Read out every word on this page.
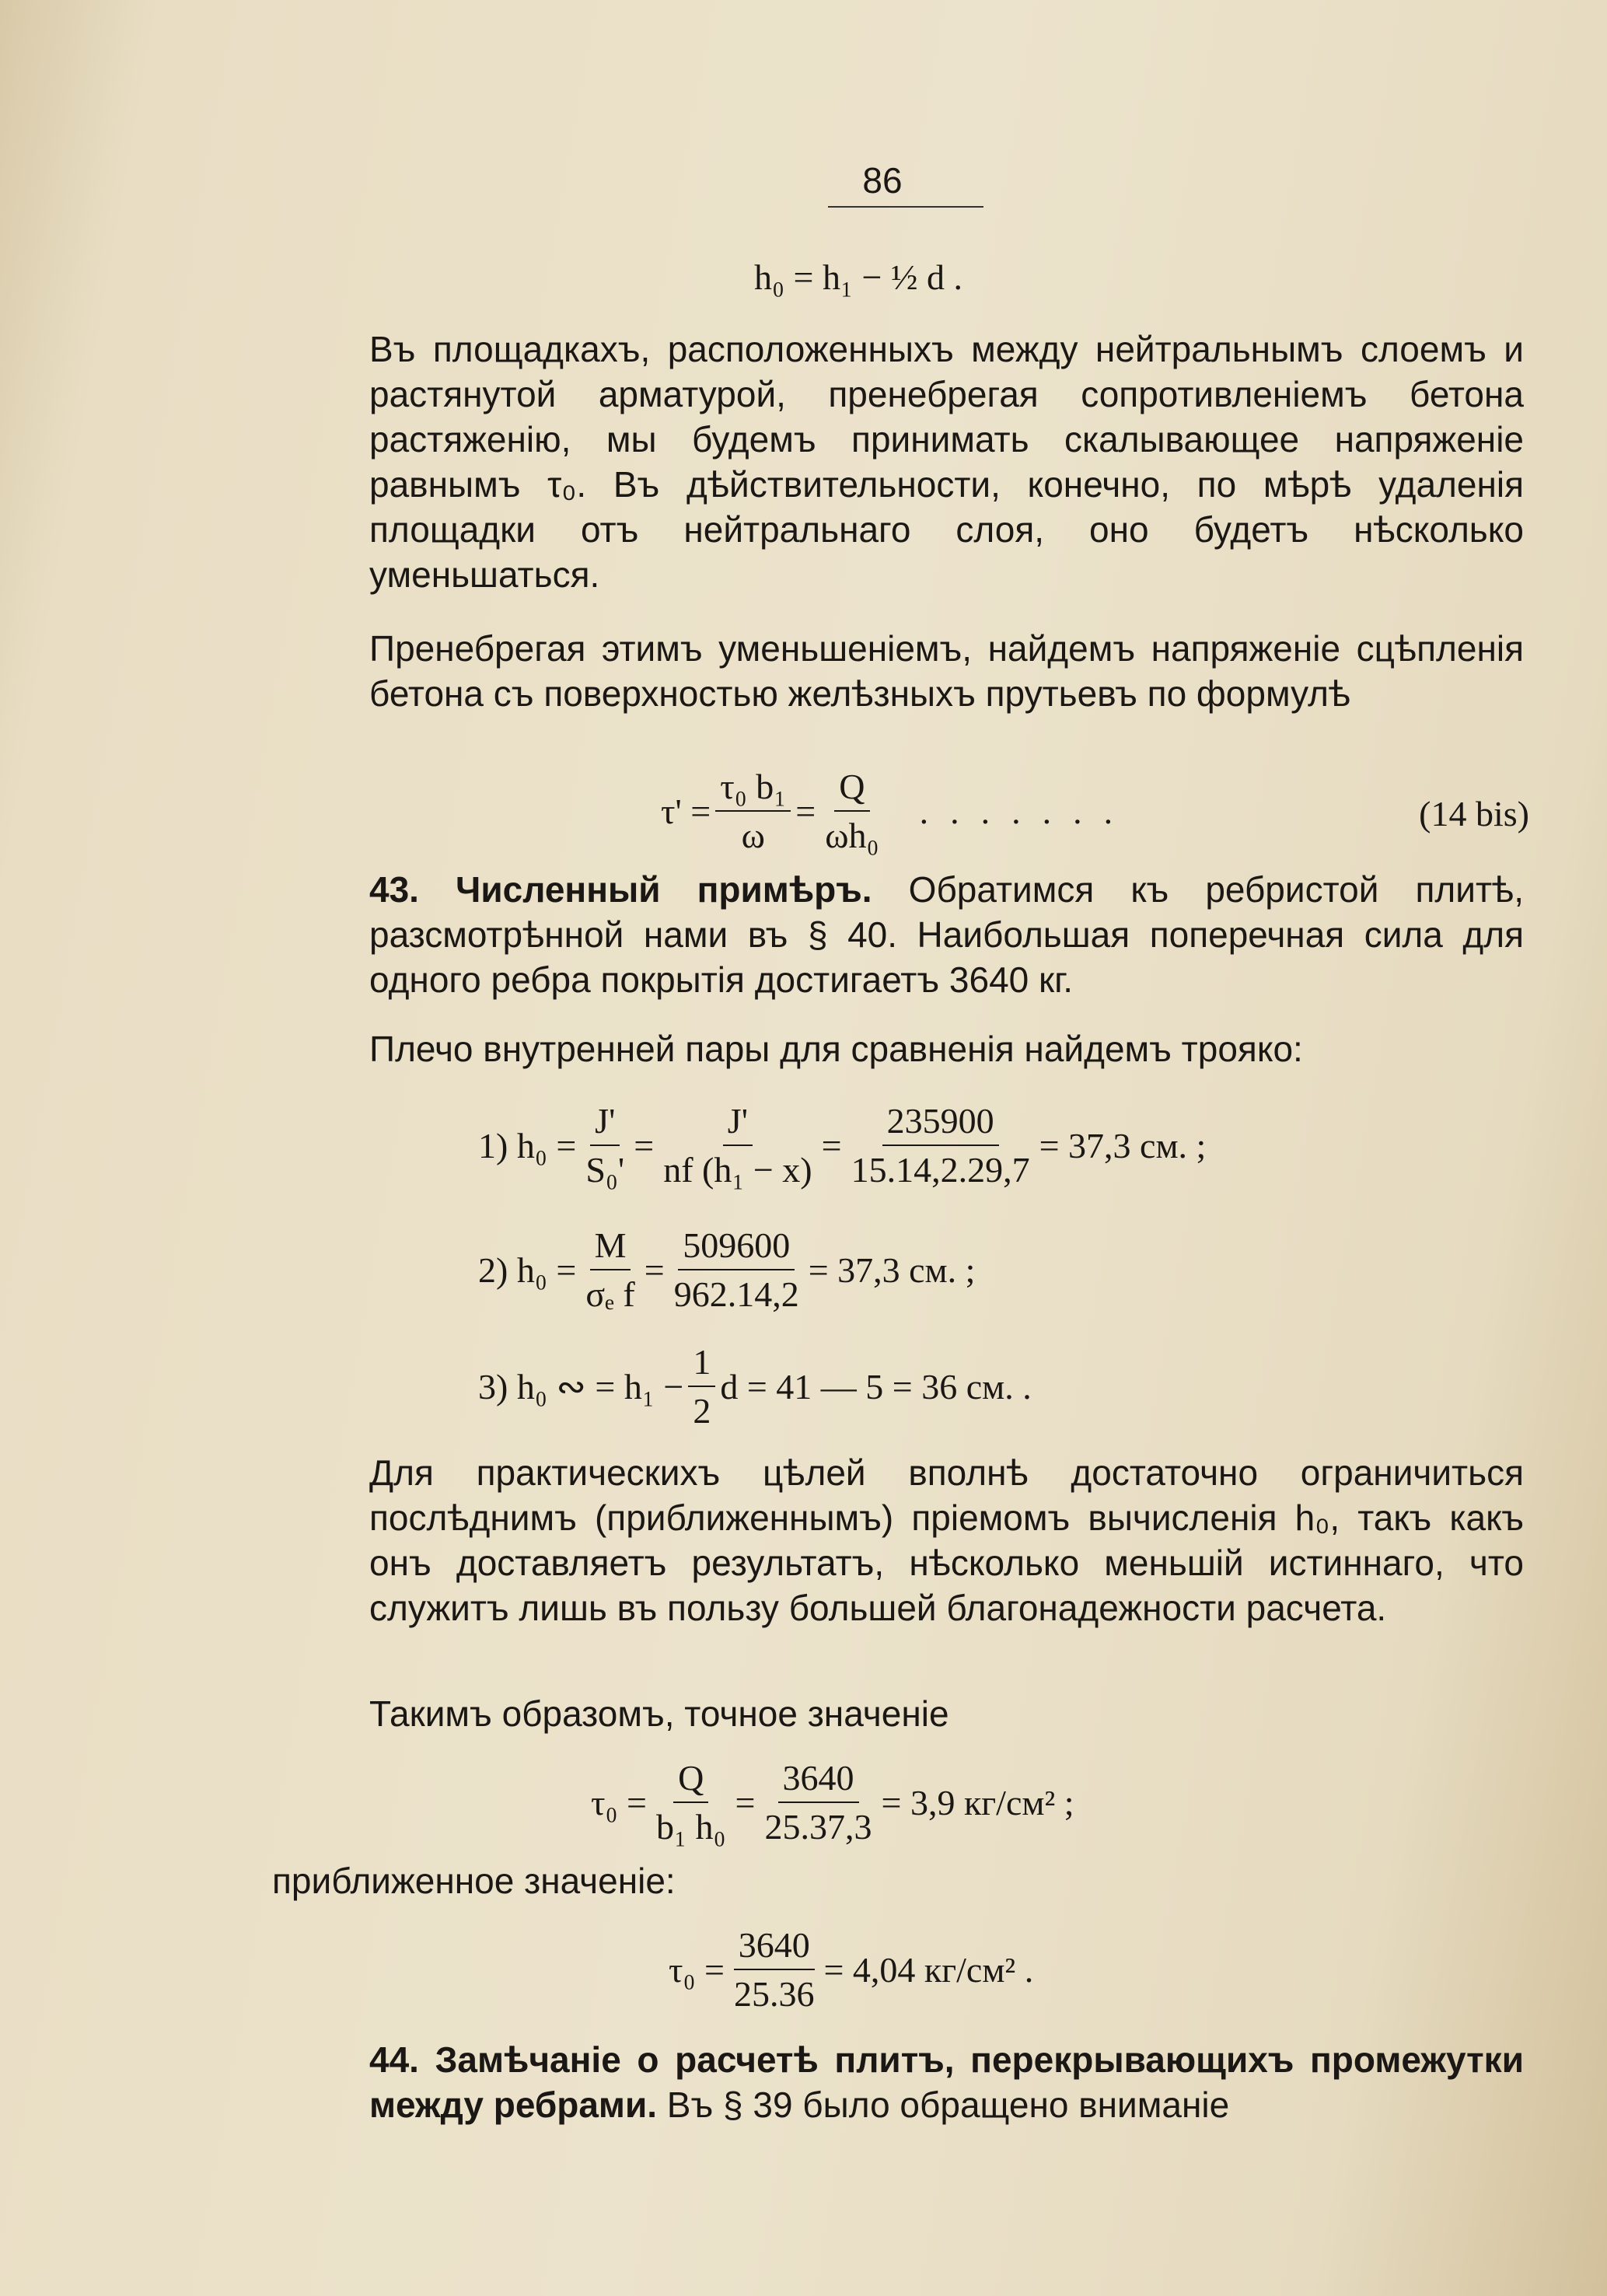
86
h₀ = h₁ − ½ d .
Въ площадкахъ, расположенныхъ между нейтральнымъ слоемъ и растянутой арматурой, пренебрегая сопротивленіемъ бетона растяженію, мы будемъ принимать скалывающее напряженіе равнымъ τ₀. Въ дѣйствительности, конечно, по мѣрѣ удаленія площадки отъ нейтральнаго слоя, оно будетъ нѣсколько уменьшаться.
Пренебрегая этимъ уменьшеніемъ, найдемъ напряженіе сцѣпленія бетона съ поверхностью желѣзныхъ прутьевъ по формулѣ
$\tau' = \frac{\text{τ₀ b₁}}{\omega} = \frac{Q}{\text{ωh₀}}$ .......	(14 bis)
43. Численный примѣръ. Обратимся къ ребристой плитѣ, разсмотрѣнной нами въ § 40. Наибольшая поперечная сила для одного ребра покрытія достигаетъ 3640 кг.
Плечо внутренней пары для сравненія найдемъ трояко:
1)
$h_0 = \frac{J'}{\text{S₀'}} = \frac{J'}{\text{nf (h₁ − x)}} = \frac{235900}{15.14,2.29,7} = 37,3$ см. ;
2)
$h_0 = \frac{M}{\text{σₑ f}} = \frac{509600}{962.14,2} = 37,3$ см. ;
3)
h₀ ∾ = $h_1 - \frac{1}{2}$ d = 41 — 5 = 36 см. .
Для практическихъ цѣлей вполнѣ достаточно ограничиться послѣднимъ (приближеннымъ) пріемомъ вычисленія h₀, такъ какъ онъ доставляетъ результатъ, нѣсколько меньшій истиннаго, что служитъ лишь въ пользу большей благонадежности расчета.
Такимъ образомъ, точное значеніе
$\tau_0 = \frac{Q}{\text{b₁ h₀}} = \frac{3640}{25.37,3} = 3,9$ кг/см² ;
приближенное значеніе:
$\tau_0 = \frac{3640}{25.36} = 4,04$ кг/см² .
44. Замѣчаніе о расчетѣ плитъ, перекрывающихъ промежутки между ребрами. Въ § 39 было обращено вниманіе
